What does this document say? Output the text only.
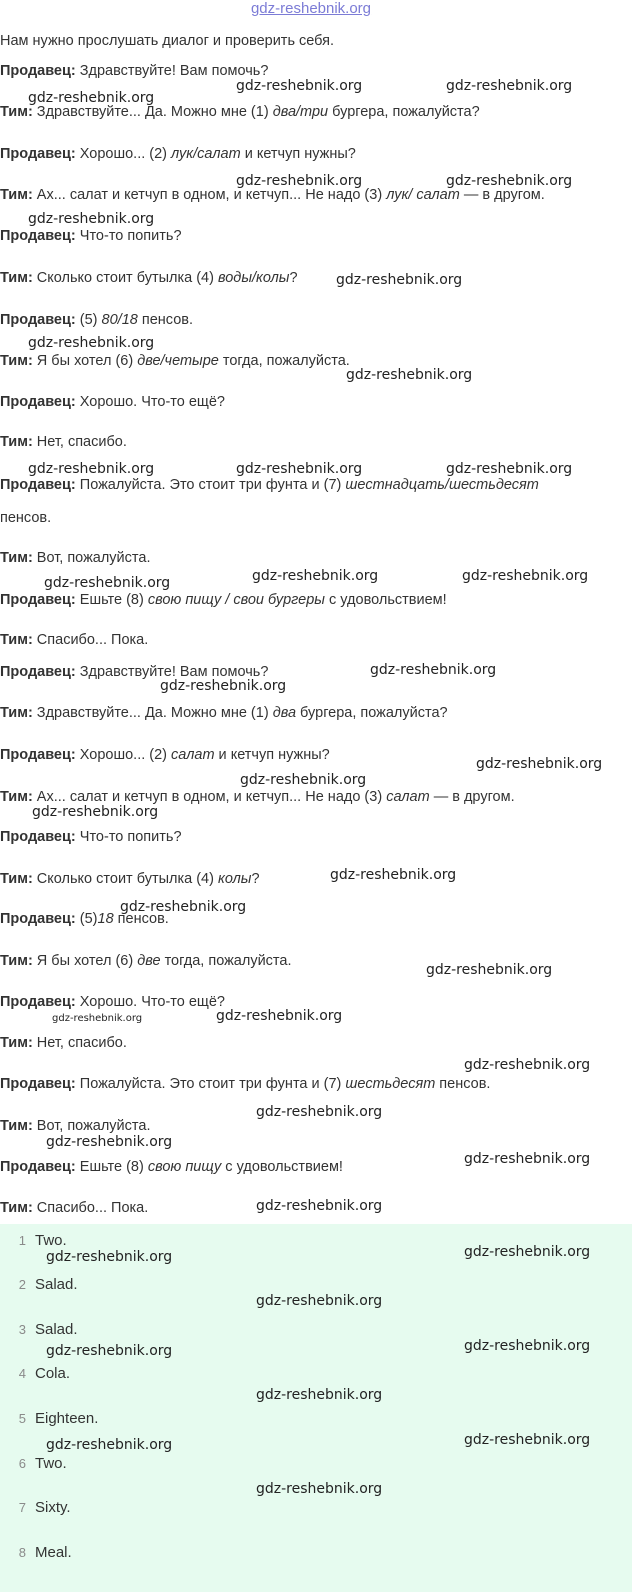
gdz-reshebnik.org
Нам нужно прослушать диалог и проверить себя.
Продавец: Здравствуйте! Вам помочь?
Тим: Здравствуйте... Да. Можно мне (1) два/три бургера, пожалуйста?
Продавец: Хорошо... (2) лук/салат и кетчуп нужны?
Тим: Ах... салат и кетчуп в одном, и кетчуп... Не надо (3) лук/ салат — в другом.
Продавец: Что-то попить?
Тим: Сколько стоит бутылка (4) воды/колы?
Продавец: (5) 80/18 пенсов.
Тим: Я бы хотел (6) две/четыре тогда, пожалуйста.
Продавец: Хорошо. Что-то ещё?
Тим: Нет, спасибо.
Продавец: Пожалуйста. Это стоит три фунта и (7) шестнадцать/шестьдесят
пенсов.
Тим: Вот, пожалуйста.
Продавец: Ешьте (8) свою пищу / свои бургеры с удовольствием!
Тим: Спасибо... Пока.
Продавец: Здравствуйте! Вам помочь?
Тим: Здравствуйте... Да. Можно мне (1) два бургера, пожалуйста?
Продавец: Хорошо... (2) салат и кетчуп нужны?
Тим: Ах... салат и кетчуп в одном, и кетчуп... Не надо (3) салат — в другом.
Продавец: Что-то попить?
Тим: Сколько стоит бутылка (4) колы?
Продавец: (5)18 пенсов.
Тим: Я бы хотел (6) две тогда, пожалуйста.
Продавец: Хорошо. Что-то ещё?
Тим: Нет, спасибо.
Продавец: Пожалуйста. Это стоит три фунта и (7) шестьдесят пенсов.
Тим: Вот, пожалуйста.
Продавец: Ешьте (8) свою пищу с удовольствием!
Тим: Спасибо... Пока.
1 Two.
2 Salad.
3 Salad.
4 Cola.
5 Eighteen.
6 Two.
7 Sixty.
8 Meal.
gdz-reshebnik.org	gdz-reshebnik.org
gdz-reshebnik.org
gdz-reshebnik.org	gdz-reshebnik.org
gdz-reshebnik.org
gdz-reshebnik.org
gdz-reshebnik.org
gdz-reshebnik.org
gdz-reshebnik.org	gdz-reshebnik.org	gdz-reshebnik.org
gdz-reshebnik.org	gdz-reshebnik.org	gdz-reshebnik.org
gdz-reshebnik.org
gdz-reshebnik.org
gdz-reshebnik.org
gdz-reshebnik.org
gdz-reshebnik.org
gdz-reshebnik.org
gdz-reshebnik.org
gdz-reshebnik.org
gdz-reshebnik.org
gdz-reshebnik.org
gdz-reshebnik.org
gdz-reshebnik.org
gdz-reshebnik.org
gdz-reshebnik.org
gdz-reshebnik.org
gdz-reshebnik.org	gdz-reshebnik.org
gdz-reshebnik.org
gdz-reshebnik.org	gdz-reshebnik.org
gdz-reshebnik.org
gdz-reshebnik.org	gdz-reshebnik.org
gdz-reshebnik.org
